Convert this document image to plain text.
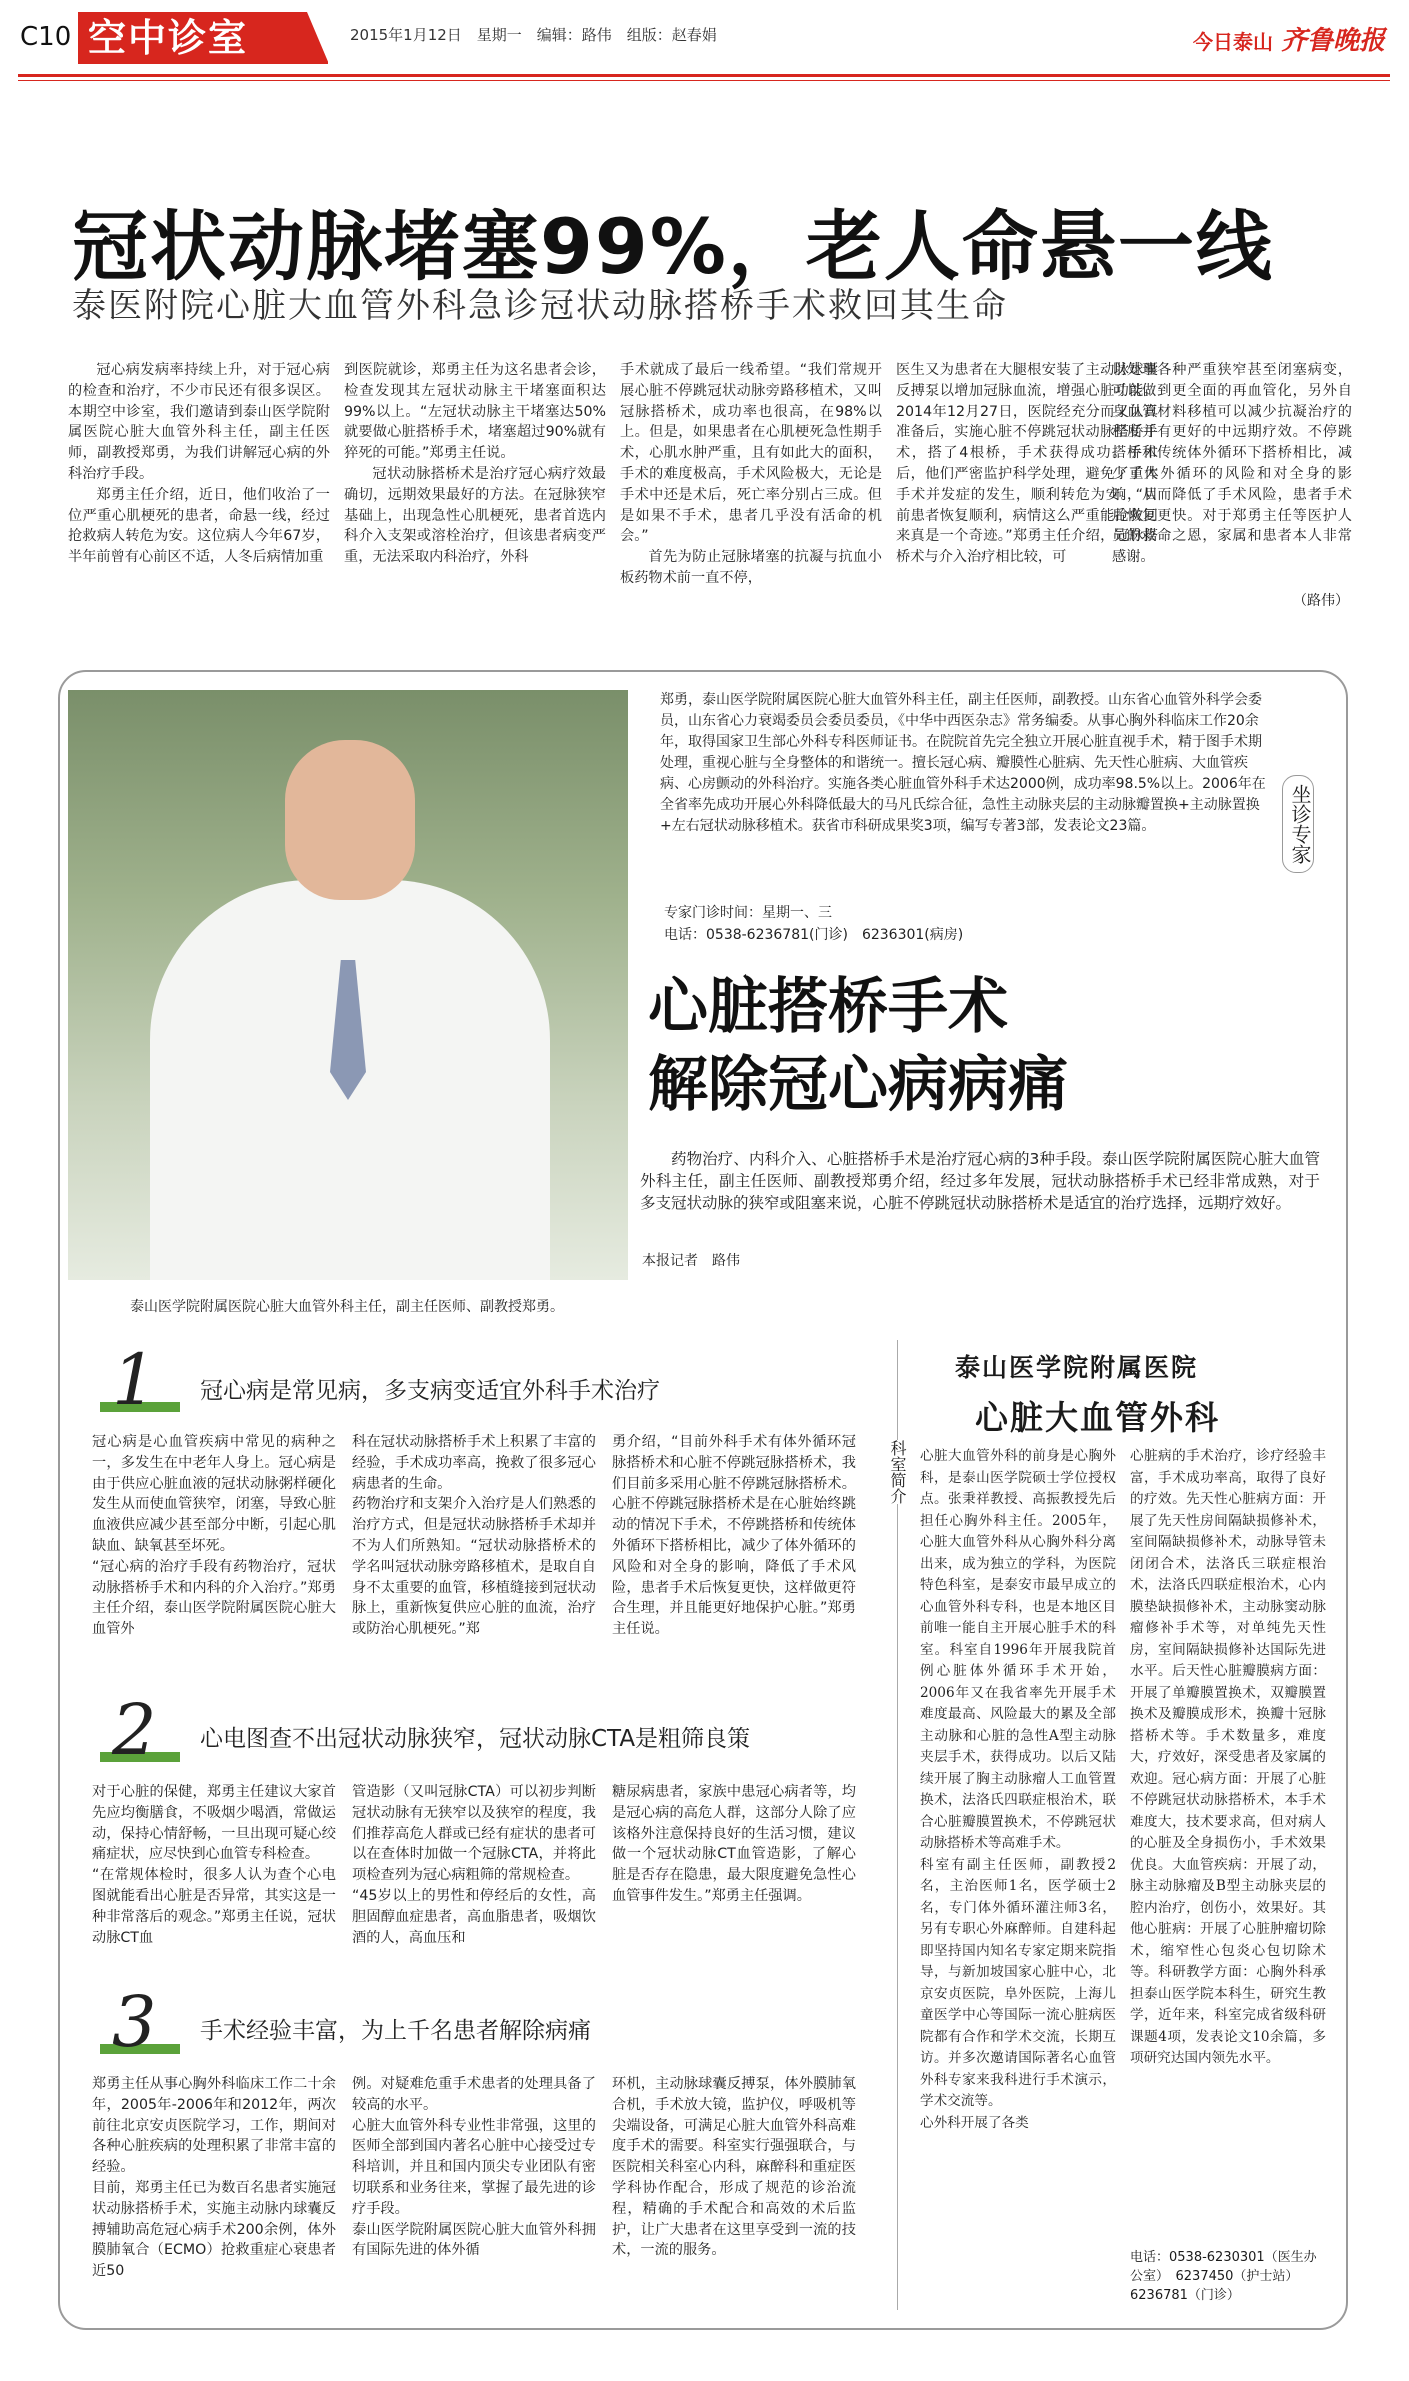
C10 空中诊室	2015年1月12日　星期一　编辑：路伟　组版：赵春娟	今日泰山 齐鲁晚报
冠状动脉堵塞99%，老人命悬一线
泰医附院心脏大血管外科急诊冠状动脉搭桥手术救回其生命

冠心病发病率持续上升，对于冠心病的检查和治疗，不少市民还有很多误区。本期空中诊室，我们邀请到泰山医学院附属医院心脏大血管外科主任，副主任医师，副教授郑勇，为我们讲解冠心病的外科治疗手段。

郑勇主任介绍，近日，他们收治了一位严重心肌梗死的患者，命悬一线，经过抢救病人转危为安。这位病人今年67岁，半年前曾有心前区不适，人冬后病情加重

到医院就诊，郑勇主任为这名患者会诊，检查发现其左冠状动脉主干堵塞面积达99%以上。“左冠状动脉主干堵塞达50%就要做心脏搭桥手术，堵塞超过90%就有猝死的可能。”郑勇主任说。

冠状动脉搭桥术是治疗冠心病疗效最确切，远期效果最好的方法。在冠脉狭窄基础上，出现急性心肌梗死，患者首选内科介入支架或溶栓治疗，但该患者病变严重，无法采取内科治疗，外科

手术就成了最后一线希望。“我们常规开展心脏不停跳冠状动脉旁路移植术，又叫冠脉搭桥术，成功率也很高，在98%以上。但是，如果患者在心肌梗死急性期手术，心肌水肿严重，且有如此大的面积，手术的难度极高，手术风险极大，无论是手术中还是术后，死亡率分别占三成。但是如果不手术，患者几乎没有活命的机会。”

首先为防止冠脉堵塞的抗凝与抗血小板药物术前一直不停，

医生又为患者在大腿根安装了主动脉球囊反搏泵以增加冠脉血流，增强心脏功能。2014年12月27日，医院经充分而又认真准备后，实施心脏不停跳冠状动脉搭桥手术，搭了4根桥，手术获得成功。手术后，他们严密监护科学处理，避免了重大手术并发症的发生，顺利转危为安。“目前患者恢复顺利，病情这么严重能抢救回来真是一个奇迹。”郑勇主任介绍，冠脉搭桥术与介入治疗相比较，可

以处理各种严重狭窄甚至闭塞病变，可以做到更全面的再血管化，另外自身血管材料移植可以减少抗凝治疗的程度并有更好的中远期疗效。不停跳搭桥和传统体外循环下搭桥相比，减少了体外循环的风险和对全身的影响，从而降低了手术风险，患者手术后恢复更快。对于郑勇主任等医护人员的救命之恩，家属和患者本人非常感谢。

（路伟）
泰山医学院附属医院心脏大血管外科主任，副主任医师、副教授郑勇。
郑勇，泰山医学院附属医院心脏大血管外科主任，副主任医师，副教授。山东省心血管外科学会委员，山东省心力衰竭委员会委员委员，《中华中西医杂志》常务编委。从事心胸外科临床工作20余年，取得国家卫生部心外科专科医师证书。在院院首先完全独立开展心脏直视手术，精于图手术期处理，重视心脏与全身整体的和谐统一。擅长冠心病、瓣膜性心脏病、先天性心脏病、大血管疾病、心房颤动的外科治疗。实施各类心脏血管外科手术达2000例，成功率98.5%以上。2006年在全省率先成功开展心外科降低最大的马凡氏综合征，急性主动脉夹层的主动脉瓣置换+主动脉置换+左右冠状动脉移植术。获省市科研成果奖3项，编写专著3部，发表论文23篇。
专家门诊时间：星期一、三
电话：0538-6236781(门诊)　6236301(病房)
坐诊专家
心脏搭桥手术
解除冠心病病痛
药物治疗、内科介入、心脏搭桥手术是治疗冠心病的3种手段。泰山医学院附属医院心脏大血管外科主任，副主任医师、副教授郑勇介绍，经过多年发展，冠状动脉搭桥手术已经非常成熟，对于多支冠状动脉的狭窄或阻塞来说，心脏不停跳冠状动脉搭桥术是适宜的治疗选择，远期疗效好。
本报记者　路伟
1 冠心病是常见病，多支病变适宜外科手术治疗
冠心病是心血管疾病中常见的病种之一，多发生在中老年人身上。冠心病是由于供应心脏血液的冠状动脉粥样硬化发生从而使血管狭窄，闭塞，导致心脏血液供应减少甚至部分中断，引起心肌缺血、缺氧甚至坏死。
“冠心病的治疗手段有药物治疗，冠状动脉搭桥手术和内科的介入治疗。”郑勇主任介绍，泰山医学院附属医院心脏大血管外
科在冠状动脉搭桥手术上积累了丰富的经验，手术成功率高，挽救了很多冠心病患者的生命。
药物治疗和支架介入治疗是人们熟悉的治疗方式，但是冠状动脉搭桥手术却并不为人们所熟知。“冠状动脉搭桥术的学名叫冠状动脉旁路移植术，是取自自身不太重要的血管，移植缝接到冠状动脉上，重新恢复供应心脏的血流，治疗或防治心肌梗死。”郑
勇介绍，“目前外科手术有体外循环冠脉搭桥术和心脏不停跳冠脉搭桥术，我们目前多采用心脏不停跳冠脉搭桥术。心脏不停跳冠脉搭桥术是在心脏始终跳动的情况下手术，不停跳搭桥和传统体外循环下搭桥相比，减少了体外循环的风险和对全身的影响，降低了手术风险，患者手术后恢复更快，这样做更符合生理，并且能更好地保护心脏。”郑勇主任说。
2 心电图查不出冠状动脉狭窄，冠状动脉CTA是粗筛良策
对于心脏的保健，郑勇主任建议大家首先应均衡膳食，不吸烟少喝酒，常做运动，保持心情舒畅，一旦出现可疑心绞痛症状，应尽快到心血管专科检查。
“在常规体检时，很多人认为查个心电图就能看出心脏是否异常，其实这是一种非常落后的观念。”郑勇主任说，冠状动脉CT血
管造影（又叫冠脉CTA）可以初步判断冠状动脉有无狭窄以及狭窄的程度，我们推荐高危人群或已经有症状的患者可以在查体时加做一个冠脉CTA，并将此项检查列为冠心病粗筛的常规检查。
“45岁以上的男性和停经后的女性，高胆固醇血症患者，高血脂患者，吸烟饮酒的人，高血压和
糖尿病患者，家族中患冠心病者等，均是冠心病的高危人群，这部分人除了应该格外注意保持良好的生活习惯，建议做一个冠状动脉CT血管造影，了解心脏是否存在隐患，最大限度避免急性心血管事件发生。”郑勇主任强调。
3 手术经验丰富，为上千名患者解除病痛
郑勇主任从事心胸外科临床工作二十余年，2005年-2006年和2012年，两次前往北京安贞医院学习，工作，期间对各种心脏疾病的处理积累了非常丰富的经验。
目前，郑勇主任已为数百名患者实施冠状动脉搭桥手术，实施主动脉内球囊反搏辅助高危冠心病手术200余例，体外膜肺氧合（ECMO）抢救重症心衰患者近50
例。对疑难危重手术患者的处理具备了较高的水平。
心脏大血管外科专业性非常强，这里的医师全部到国内著名心脏中心接受过专科培训，并且和国内顶尖专业团队有密切联系和业务往来，掌握了最先进的诊疗手段。
泰山医学院附属医院心脏大血管外科拥有国际先进的体外循
环机，主动脉球囊反搏泵，体外膜肺氧合机，手术放大镜，监护仪，呼吸机等尖端设备，可满足心脏大血管外科高难度手术的需要。科室实行强强联合，与医院相关科室心内科，麻醉科和重症医学科协作配合，形成了规范的诊治流程，精确的手术配合和高效的术后监护，让广大患者在这里享受到一流的技术，一流的服务。
科室简介
泰山医学院附属医院
心脏大血管外科
心脏大血管外科的前身是心胸外科，是泰山医学院硕士学位授权点。张秉祥教授、高振教授先后担任心胸外科主任。2005年，心脏大血管外科从心胸外科分离出来，成为独立的学科，为医院特色科室，是泰安市最早成立的心血管外科专科，也是本地区目前唯一能自主开展心脏手术的科室。科室自1996年开展我院首例心脏体外循环手术开始，2006年又在我省率先开展手术难度最高、风险最大的累及全部主动脉和心脏的急性A型主动脉夹层手术，获得成功。以后又陆续开展了胸主动脉瘤人工血管置换术，法洛氏四联症根治术，联合心脏瓣膜置换术，不停跳冠状动脉搭桥术等高难手术。
科室有副主任医师，副教授2名，主治医师1名，医学硕士2名，专门体外循环灌注师3名，另有专职心外麻醉师。自建科起即坚持国内知名专家定期来院指导，与新加坡国家心脏中心，北京安贞医院，阜外医院，上海儿童医学中心等国际一流心脏病医院都有合作和学术交流，长期互访。并多次邀请国际著名心血管外科专家来我科进行手术演示，学术交流等。
心外科开展了各类
心脏病的手术治疗，诊疗经验丰富，手术成功率高，取得了良好的疗效。先天性心脏病方面：开展了先天性房间隔缺损修补术，室间隔缺损修补术，动脉导管未闭闭合术，法洛氏三联症根治术，法洛氏四联症根治术，心内膜垫缺损修补术，主动脉窦动脉瘤修补手术等，对单纯先天性房，室间隔缺损修补达国际先进水平。后天性心脏瓣膜病方面：开展了单瓣膜置换术，双瓣膜置换术及瓣膜成形术，换瓣十冠脉搭桥术等。手术数量多，难度大，疗效好，深受患者及家属的欢迎。冠心病方面：开展了心脏不停跳冠状动脉搭桥术，本手术难度大，技术要求高，但对病人的心脏及全身损伤小，手术效果优良。大血管疾病：开展了动，脉主动脉瘤及B型主动脉夹层的腔内治疗，创伤小，效果好。其他心脏病：开展了心脏肿瘤切除术，缩窄性心包炎心包切除术等。科研教学方面：心胸外科承担泰山医学院本科生，研究生教学，近年来，科室完成省级科研课题4项，发表论文10余篇，多项研究达国内领先水平。
电话：0538-6230301（医生办公室）　6237450（护士站）　6236781（门诊）
